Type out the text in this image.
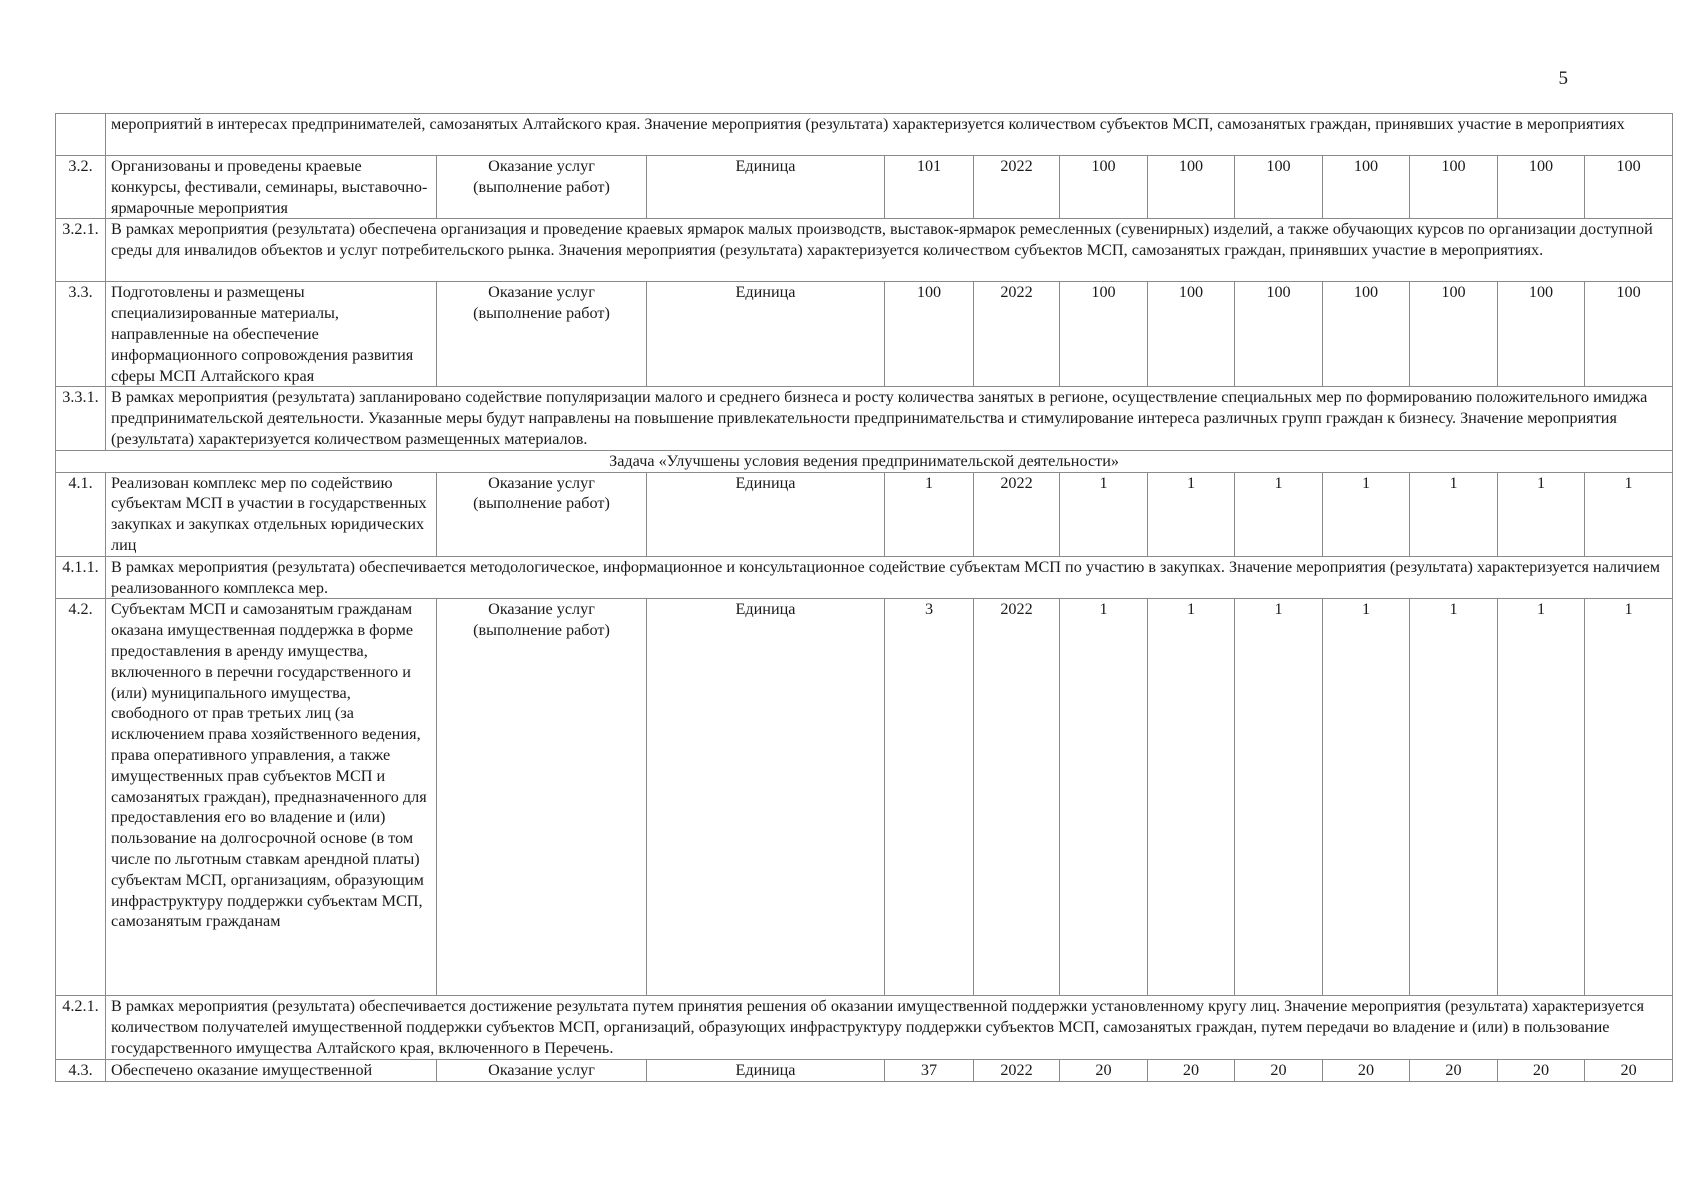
5
	мероприятий в интересах предпринимателей, самозанятых Алтайского края. Значение мероприятия (результата) характеризуется количеством субъектов МСП, самозанятых граждан, принявших участие в мероприятиях											
3.2.	Организованы и проведены краевые конкурсы, фестивали, семинары, выставочно-ярмарочные мероприятия	Оказание услуг (выполнение работ)	Единица	101	2022	100	100	100	100	100	100	100
3.2.1.	В рамках мероприятия (результата) обеспечена организация и проведение краевых ярмарок малых производств, выставок-ярмарок ремесленных (сувенирных) изделий, а также обучающих курсов по организации доступной среды для инвалидов объектов и услуг потребительского рынка. Значения мероприятия (результата) характеризуется количеством субъектов МСП, самозанятых граждан, принявших участие в мероприятиях.											
3.3.	Подготовлены и размещены специализированные материалы, направленные на обеспечение информационного сопровождения развития сферы МСП Алтайского края	Оказание услуг (выполнение работ)	Единица	100	2022	100	100	100	100	100	100	100
3.3.1.	В рамках мероприятия (результата) запланировано содействие популяризации малого и среднего бизнеса и росту количества занятых в регионе, осуществление специальных мер по формированию положительного имиджа предпринимательской деятельности. Указанные меры будут направлены на повышение привлекательности предпринимательства и стимулирование интереса различных групп граждан к бизнесу. Значение мероприятия (результата) характеризуется количеством размещенных материалов.											
Задача «Улучшены условия ведения предпринимательской деятельности»												
4.1.	Реализован комплекс мер по содействию субъектам МСП в участии в государственных закупках и закупках отдельных юридических лиц	Оказание услуг (выполнение работ)	Единица	1	2022	1	1	1	1	1	1	1
4.1.1.	В рамках мероприятия (результата) обеспечивается методологическое, информационное и консультационное содействие субъектам МСП по участию в закупках. Значение мероприятия (результата) характеризуется наличием реализованного комплекса мер.											
4.2.	Субъектам МСП и самозанятым гражданам оказана имущественная поддержка в форме предоставления в аренду имущества, включенного в перечни государственного и (или) муниципального имущества, свободного от прав третьих лиц (за исключением права хозяйственного ведения, права оперативного управления, а также имущественных прав субъектов МСП и самозанятых граждан), предназначенного для предоставления его во владение и (или) пользование на долгосрочной основе (в том числе по льготным ставкам арендной платы) субъектам МСП, организациям, образующим инфраструктуру поддержки субъектам МСП, самозанятым гражданам	Оказание услуг (выполнение работ)	Единица	3	2022	1	1	1	1	1	1	1
4.2.1.	В рамках мероприятия (результата) обеспечивается достижение результата путем принятия решения об оказании имущественной поддержки установленному кругу лиц. Значение мероприятия (результата) характеризуется количеством получателей имущественной поддержки субъектов МСП, организаций, образующих инфраструктуру поддержки субъектов МСП, самозанятых граждан, путем передачи во владение и (или) в пользование государственного имущества Алтайского края, включенного в Перечень.											
4.3.	Обеспечено оказание имущественной	Оказание услуг	Единица	37	2022	20	20	20	20	20	20	20
